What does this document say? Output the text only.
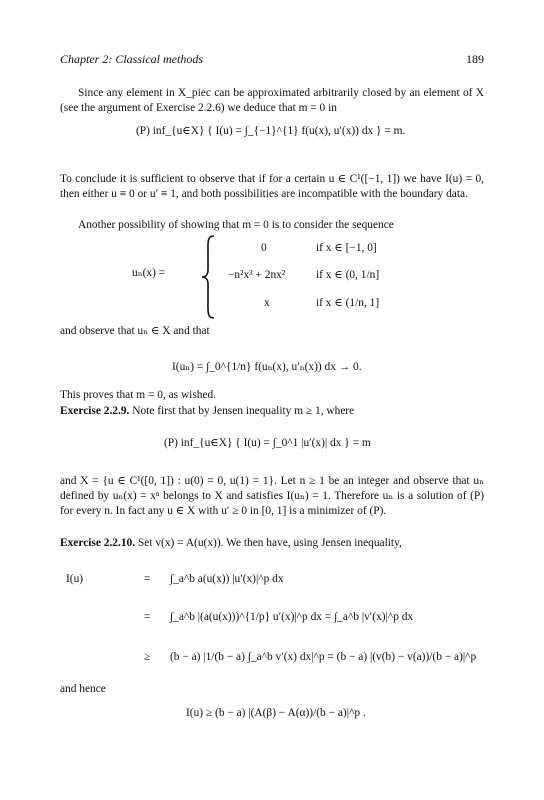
Chapter 2: Classical methods	189
Since any element in X_piec can be approximated arbitrarily closed by an element of X (see the argument of Exercise 2.2.6) we deduce that m = 0 in
(P) inf_{u∈X} { I(u) = ∫_{−1}^{1} f(u(x), u′(x)) dx } = m.
To conclude it is sufficient to observe that if for a certain u ∈ C¹([−1, 1]) we have I(u) = 0, then either u ≡ 0 or u′ ≡ 1, and both possibilities are incompatible with the boundary data.
Another possibility of showing that m = 0 is to consider the sequence
uₙ(x) =
0	if x ∈ [−1, 0]
−n²x³ + 2nx²	if x ∈ (0, 1/n]
x	if x ∈ (1/n, 1]
and observe that uₙ ∈ X and that
I(uₙ) = ∫_0^{1/n} f(uₙ(x), u′ₙ(x)) dx → 0.
This proves that m = 0, as wished.
Exercise 2.2.9. Note first that by Jensen inequality m ≥ 1, where
(P) inf_{u∈X} { I(u) = ∫_0^1 |u′(x)| dx } = m
and X = {u ∈ C¹([0, 1]) : u(0) = 0, u(1) = 1}. Let n ≥ 1 be an integer and observe that uₙ defined by uₙ(x) = xⁿ belongs to X and satisfies I(uₙ) = 1. Therefore uₙ is a solution of (P) for every n. In fact any u ∈ X with u′ ≥ 0 in [0, 1] is a minimizer of (P).
Exercise 2.2.10. Set v(x) = A(u(x)). We then have, using Jensen inequality,
I(u)	= ∫_a^b a(u(x)) |u′(x)|^p dx
= ∫_a^b |(a(u(x)))^{1/p} u′(x)|^p dx = ∫_a^b |v′(x)|^p dx
≥ (b − a) |1/(b − a) ∫_a^b v′(x) dx|^p = (b − a) |(v(b) − v(a))/(b − a)|^p
and hence
I(u) ≥ (b − a) |(A(β) − A(α))/(b − a)|^p .
